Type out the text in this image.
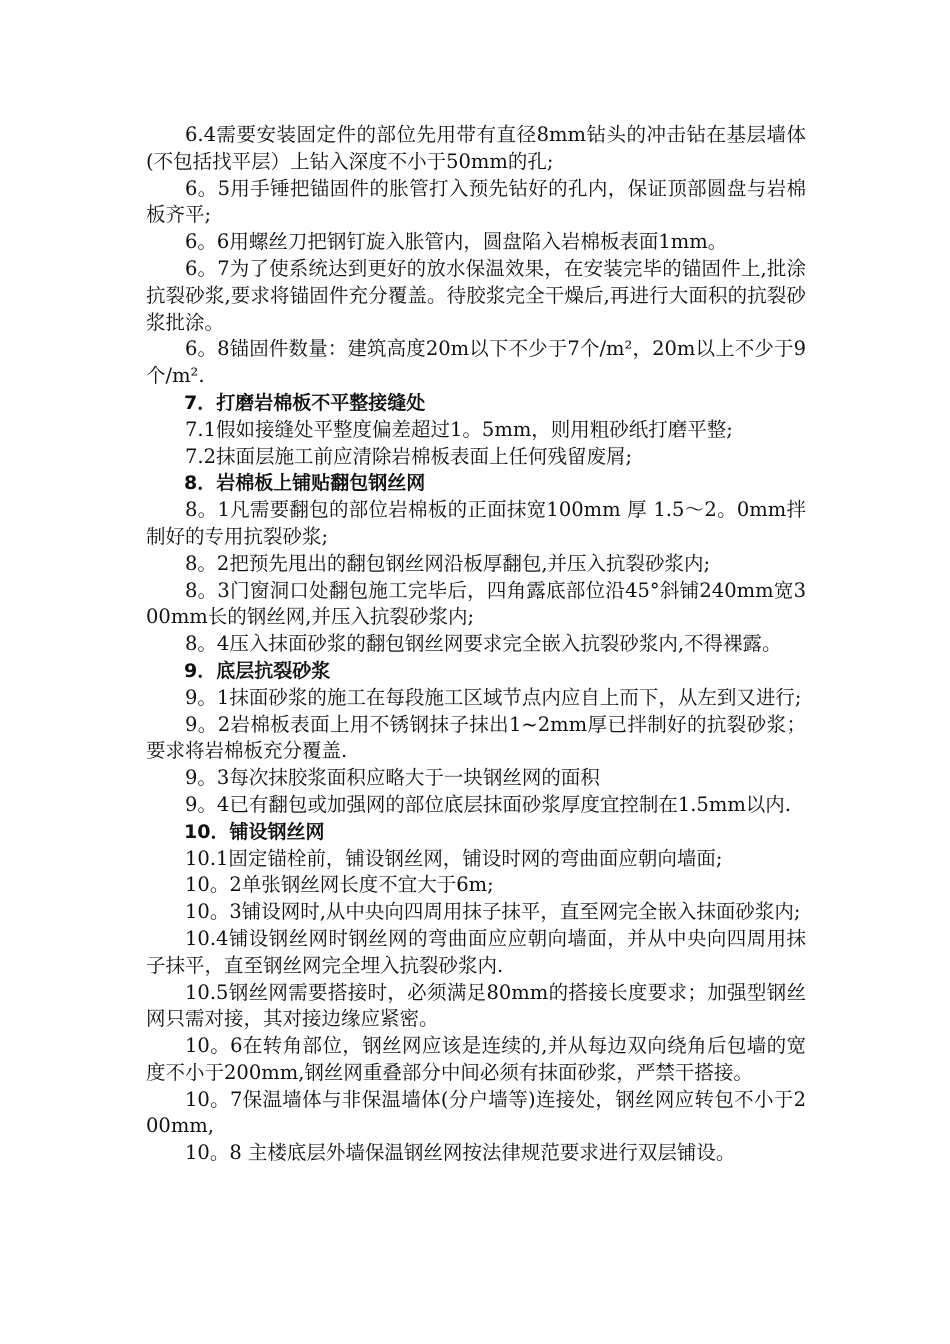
6.4需要安装固定件的部位先用带有直径8mm钻头的冲击钻在基层墙体(不包括找平层）上钻入深度不小于50mm的孔;

6。5用手锤把锚固件的胀管打入预先钻好的孔内，保证顶部圆盘与岩棉板齐平;

6。6用螺丝刀把钢钉旋入胀管内，圆盘陷入岩棉板表面1mm。

6。7为了使系统达到更好的放水保温效果，在安装完毕的锚固件上,批涂抗裂砂浆,要求将锚固件充分覆盖。待胶浆完全干燥后,再进行大面积的抗裂砂浆批涂。

6。8锚固件数量：建筑高度20m以下不少于7个/m²，20m以上不少于9个/m².

7．打磨岩棉板不平整接缝处

7.1假如接缝处平整度偏差超过1。5mm，则用粗砂纸打磨平整;

7.2抹面层施工前应清除岩棉板表面上任何残留废屑;

8．岩棉板上铺贴翻包钢丝网

8。1凡需要翻包的部位岩棉板的正面抹宽100mm 厚 1.5～2。0mm拌制好的专用抗裂砂浆;

8。2把预先甩出的翻包钢丝网沿板厚翻包,并压入抗裂砂浆内;

8。3门窗洞口处翻包施工完毕后，四角露底部位沿45°斜铺240mm宽300mm长的钢丝网,并压入抗裂砂浆内;

8。4压入抹面砂浆的翻包钢丝网要求完全嵌入抗裂砂浆内,不得裸露。

9．底层抗裂砂浆

9。1抹面砂浆的施工在每段施工区域节点内应自上而下，从左到又进行;

9。2岩棉板表面上用不锈钢抹子抹出1~2mm厚已拌制好的抗裂砂浆；要求将岩棉板充分覆盖.

9。3每次抹胶浆面积应略大于一块钢丝网的面积

9。4已有翻包或加强网的部位底层抹面砂浆厚度宜控制在1.5mm以内.

10．铺设钢丝网

10.1固定锚栓前，铺设钢丝网，铺设时网的弯曲面应朝向墙面;

10。2单张钢丝网长度不宜大于6m;

10。3铺设网时,从中央向四周用抹子抹平，直至网完全嵌入抹面砂浆内;

10.4铺设钢丝网时钢丝网的弯曲面应应朝向墙面，并从中央向四周用抹子抹平，直至钢丝网完全埋入抗裂砂浆内.

10.5钢丝网需要搭接时，必须满足80mm的搭接长度要求；加强型钢丝网只需对接，其对接边缘应紧密。

10。6在转角部位，钢丝网应该是连续的,并从每边双向绕角后包墙的宽度不小于200mm,钢丝网重叠部分中间必须有抹面砂浆，严禁干搭接。

10。7保温墙体与非保温墙体(分户墙等)连接处，钢丝网应转包不小于200mm,

10。8 主楼底层外墙保温钢丝网按法律规范要求进行双层铺设。
